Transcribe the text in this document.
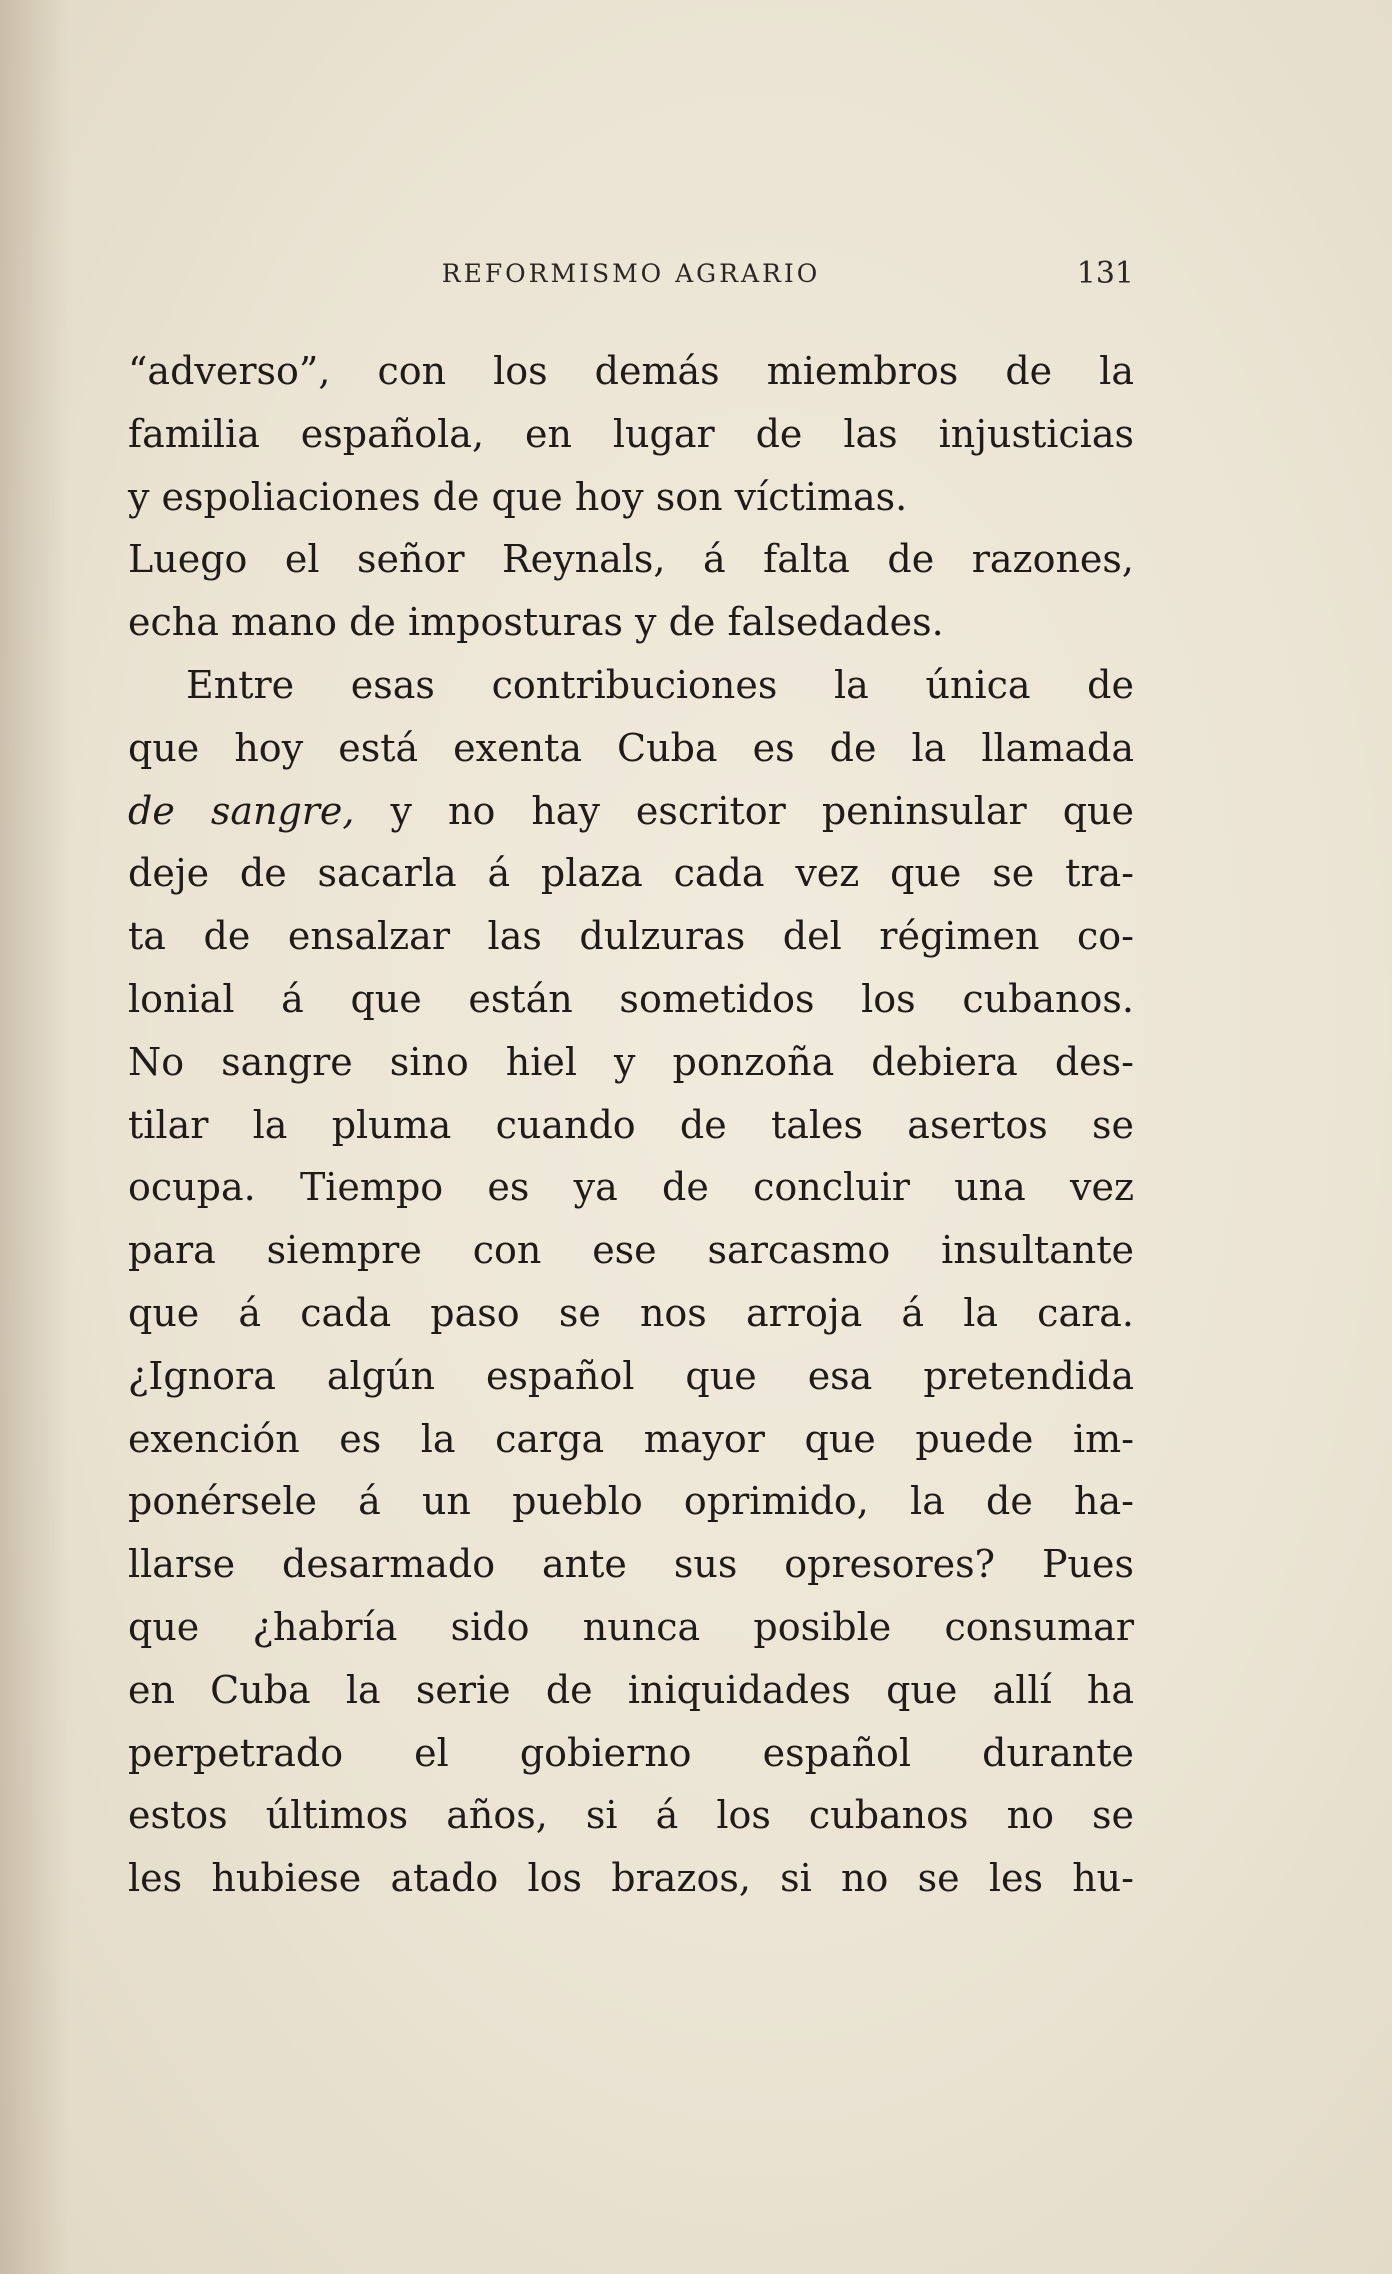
REFORMISMO AGRARIO	131
“adverso”, con los demás miembros de la
familia española, en lugar de las injusticias
y espoliaciones de que hoy son víctimas.
Luego el señor Reynals, á falta de razones,
echa mano de imposturas y de falsedades.
Entre esas contribuciones la única de
que hoy está exenta Cuba es de la llamada
de sangre, y no hay escritor peninsular que
deje de sacarla á plaza cada vez que se tra-
ta de ensalzar las dulzuras del régimen co-
lonial á que están sometidos los cubanos.
No sangre sino hiel y ponzoña debiera des-
tilar la pluma cuando de tales asertos se
ocupa. Tiempo es ya de concluir una vez
para siempre con ese sarcasmo insultante
que á cada paso se nos arroja á la cara.
¿Ignora algún español que esa pretendida
exención es la carga mayor que puede im-
ponérsele á un pueblo oprimido, la de ha-
llarse desarmado ante sus opresores? Pues
que ¿habría sido nunca posible consumar
en Cuba la serie de iniquidades que allí ha
perpetrado el gobierno español durante
estos últimos años, si á los cubanos no se
les hubiese atado los brazos, si no se les hu-
